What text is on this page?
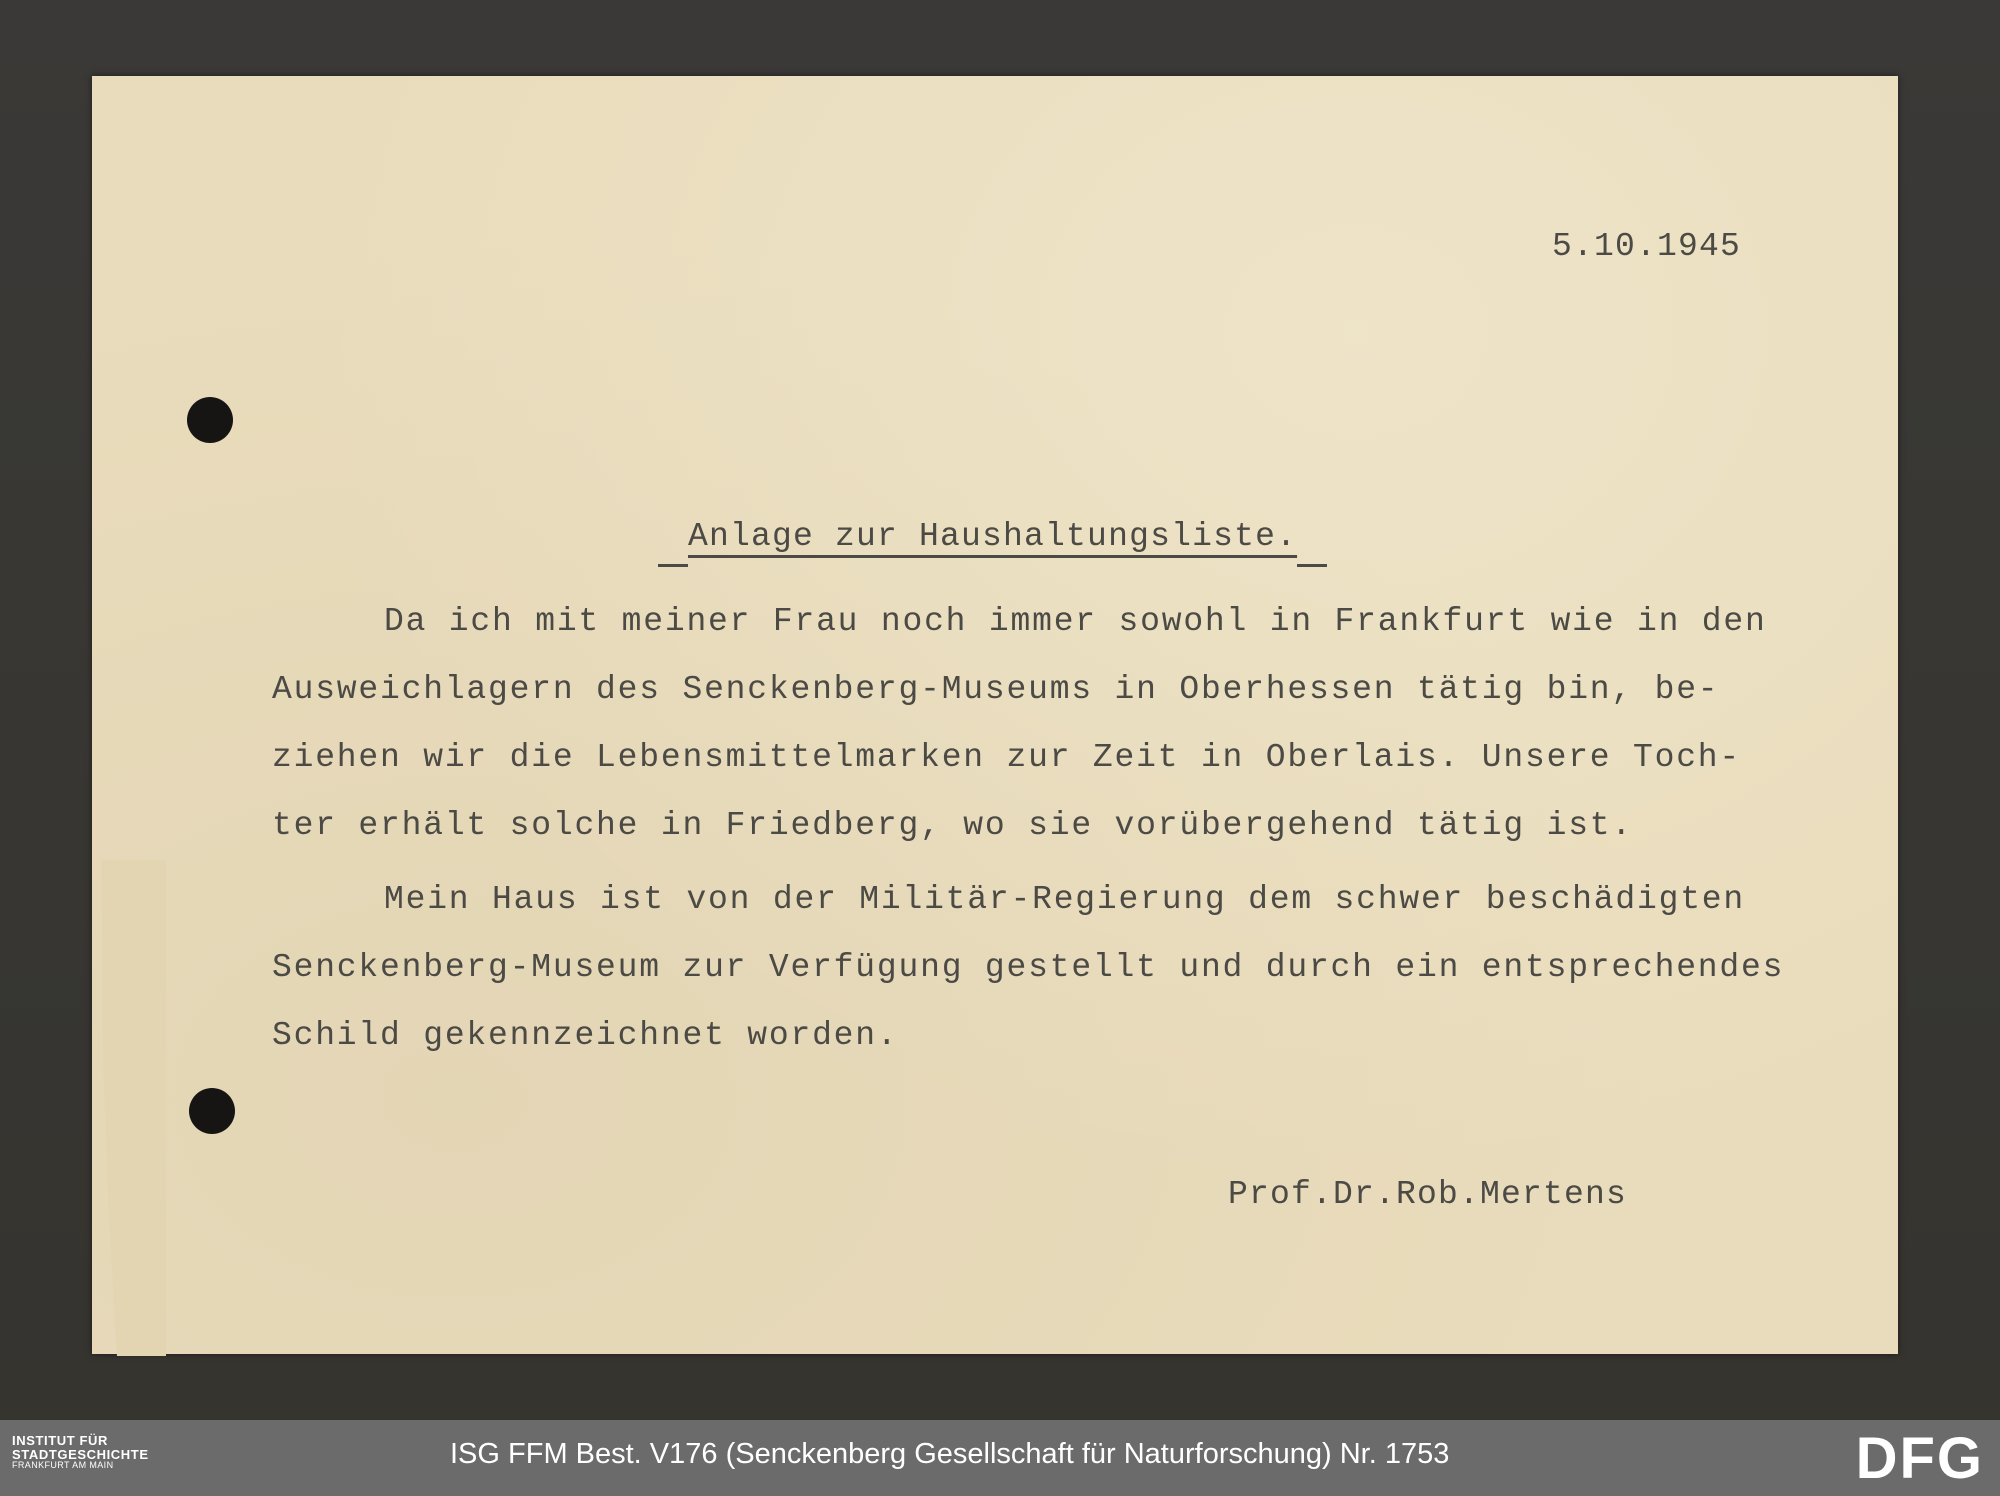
5.10.1945
Anlage zur Haushaltungsliste.
Da ich mit meiner Frau noch immer sowohl in Frankfurt wie in den
Ausweichlagern des Senckenberg-Museums in Oberhessen tätig bin, be-
ziehen wir die Lebensmittelmarken zur Zeit in Oberlais. Unsere Toch-
ter erhält solche in Friedberg, wo sie vorübergehend tätig ist.
Mein Haus ist von der Militär-Regierung dem schwer beschädigten
Senckenberg-Museum zur Verfügung gestellt und durch ein entsprechendes
Schild gekennzeichnet worden.
Prof.Dr.Rob.Mertens
INSTITUT FÜR
STADTGESCHICHTE
FRANKFURT AM MAIN	ISG FFM Best. V176 (Senckenberg Gesellschaft für Naturforschung) Nr. 1753	DFG
